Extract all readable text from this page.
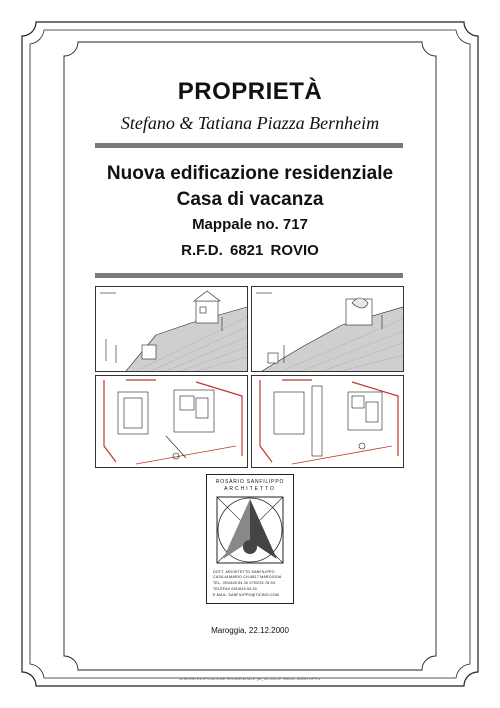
PROPRIETÀ
Stefano & Tatiana Piazza Bernheim
Nuova edificazione residenziale
Casa di vacanza
Mappale no. 717
R.F.D. 6821 ROVIO
ROSARIO SANFILIPPO
ARCHITETTO
DOTT. ARCHITETTO SANFILIPPO
CASA ALMARIO CH-6817 MAROGGIA
TEL. 091/649.54.30 079/225.78.94
TELEFAX 091/649.54.30
E.MAIL: SANFILIPPO@TICINO.COM
Maroggia, 22.12.2000
DISEGNI.EDIFICAZIONE.RESIDENZIALE p8_53 DOCU. MEDIL.SANFILIPPO
